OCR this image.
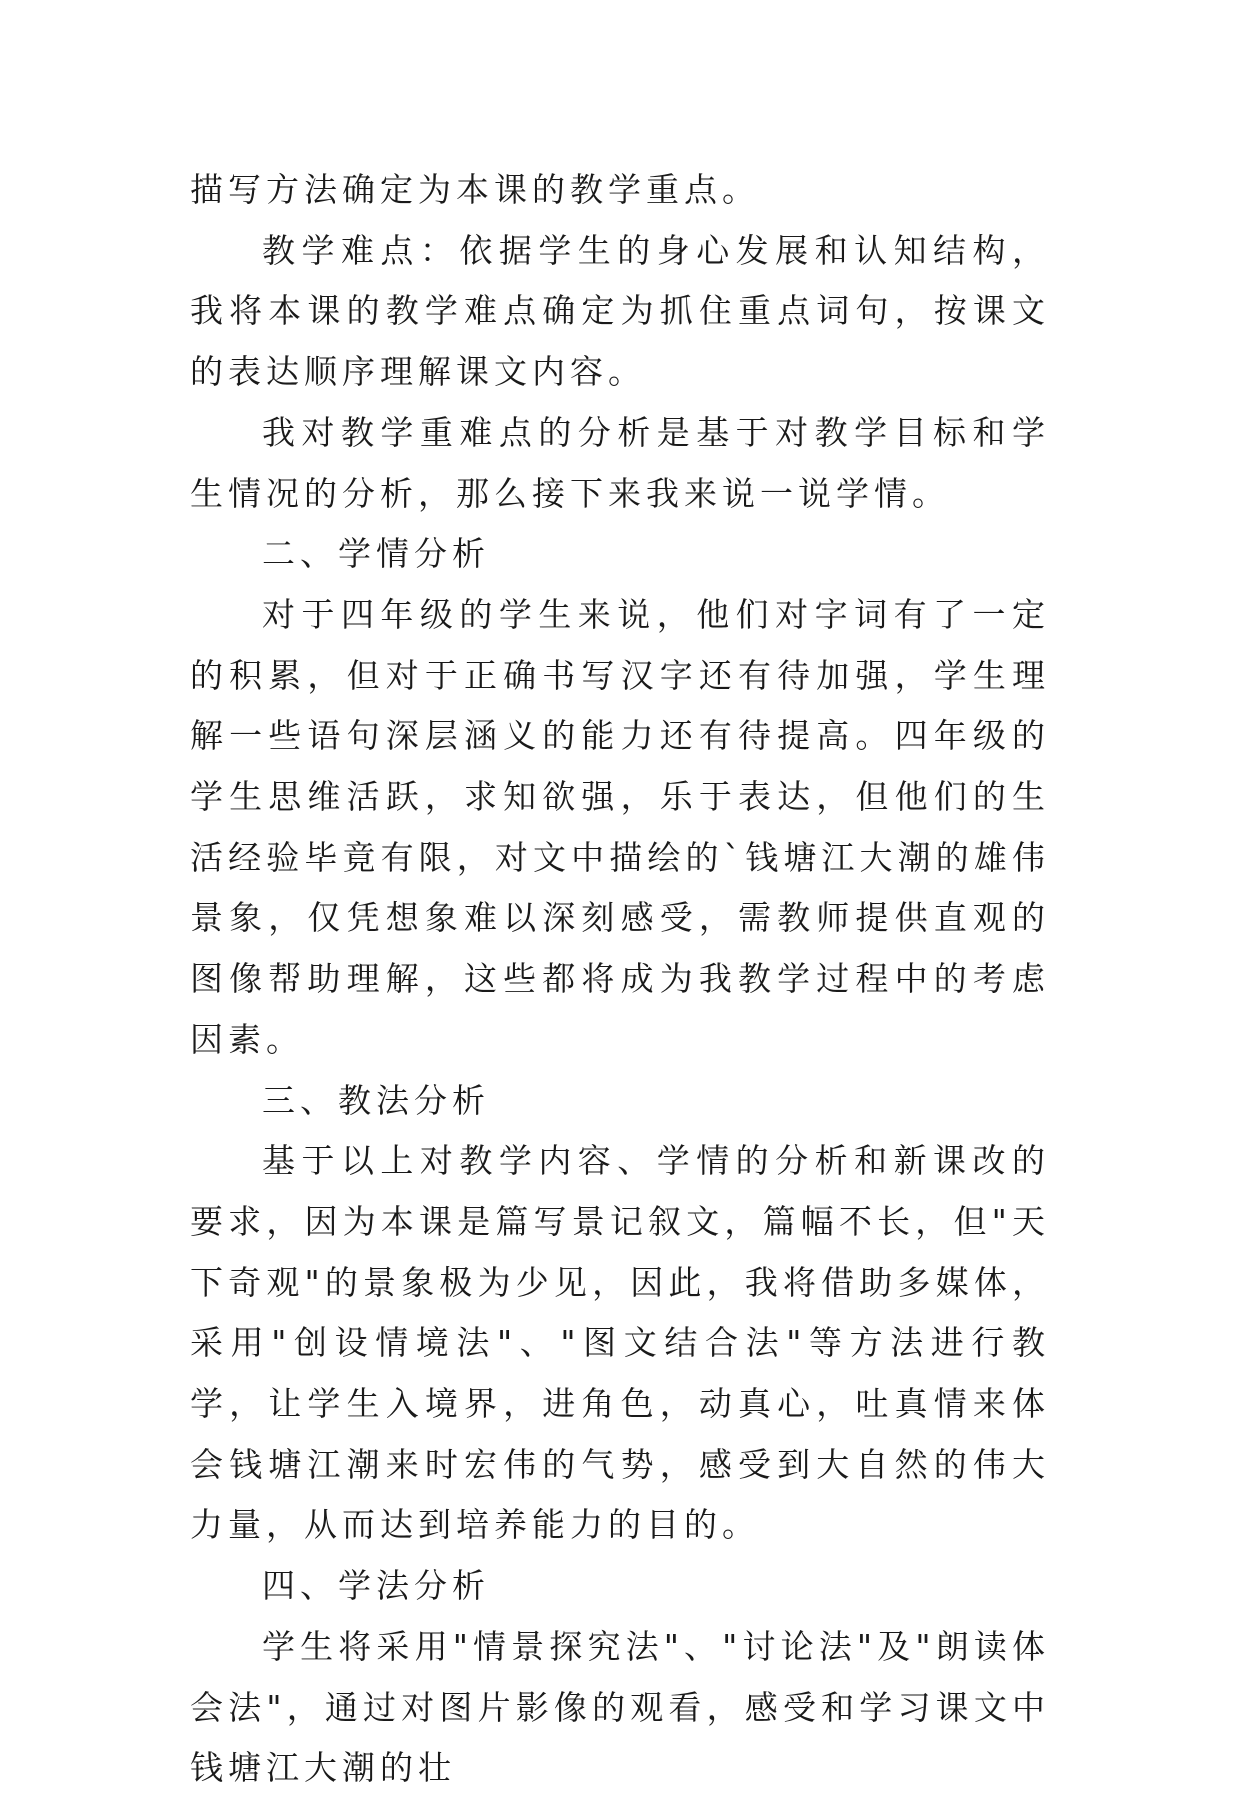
描写方法确定为本课的教学重点。

教学难点：依据学生的身心发展和认知结构，我将本课的教学难点确定为抓住重点词句，按课文的表达顺序理解课文内容。

我对教学重难点的分析是基于对教学目标和学生情况的分析，那么接下来我来说一说学情。

二、学情分析

对于四年级的学生来说，他们对字词有了一定的积累，但对于正确书写汉字还有待加强，学生理解一些语句深层涵义的能力还有待提高。四年级的学生思维活跃，求知欲强，乐于表达，但他们的生活经验毕竟有限，对文中描绘的`钱塘江大潮的雄伟景象，仅凭想象难以深刻感受，需教师提供直观的图像帮助理解，这些都将成为我教学过程中的考虑因素。

三、教法分析

基于以上对教学内容、学情的分析和新课改的要求，因为本课是篇写景记叙文，篇幅不长，但"天下奇观"的景象极为少见，因此，我将借助多媒体，采用"创设情境法"、"图文结合法"等方法进行教学，让学生入境界，进角色，动真心，吐真情来体会钱塘江潮来时宏伟的气势，感受到大自然的伟大力量，从而达到培养能力的目的。

四、学法分析

学生将采用"情景探究法"、"讨论法"及"朗读体会法"，通过对图片影像的观看，感受和学习课文中钱塘江大潮的壮
